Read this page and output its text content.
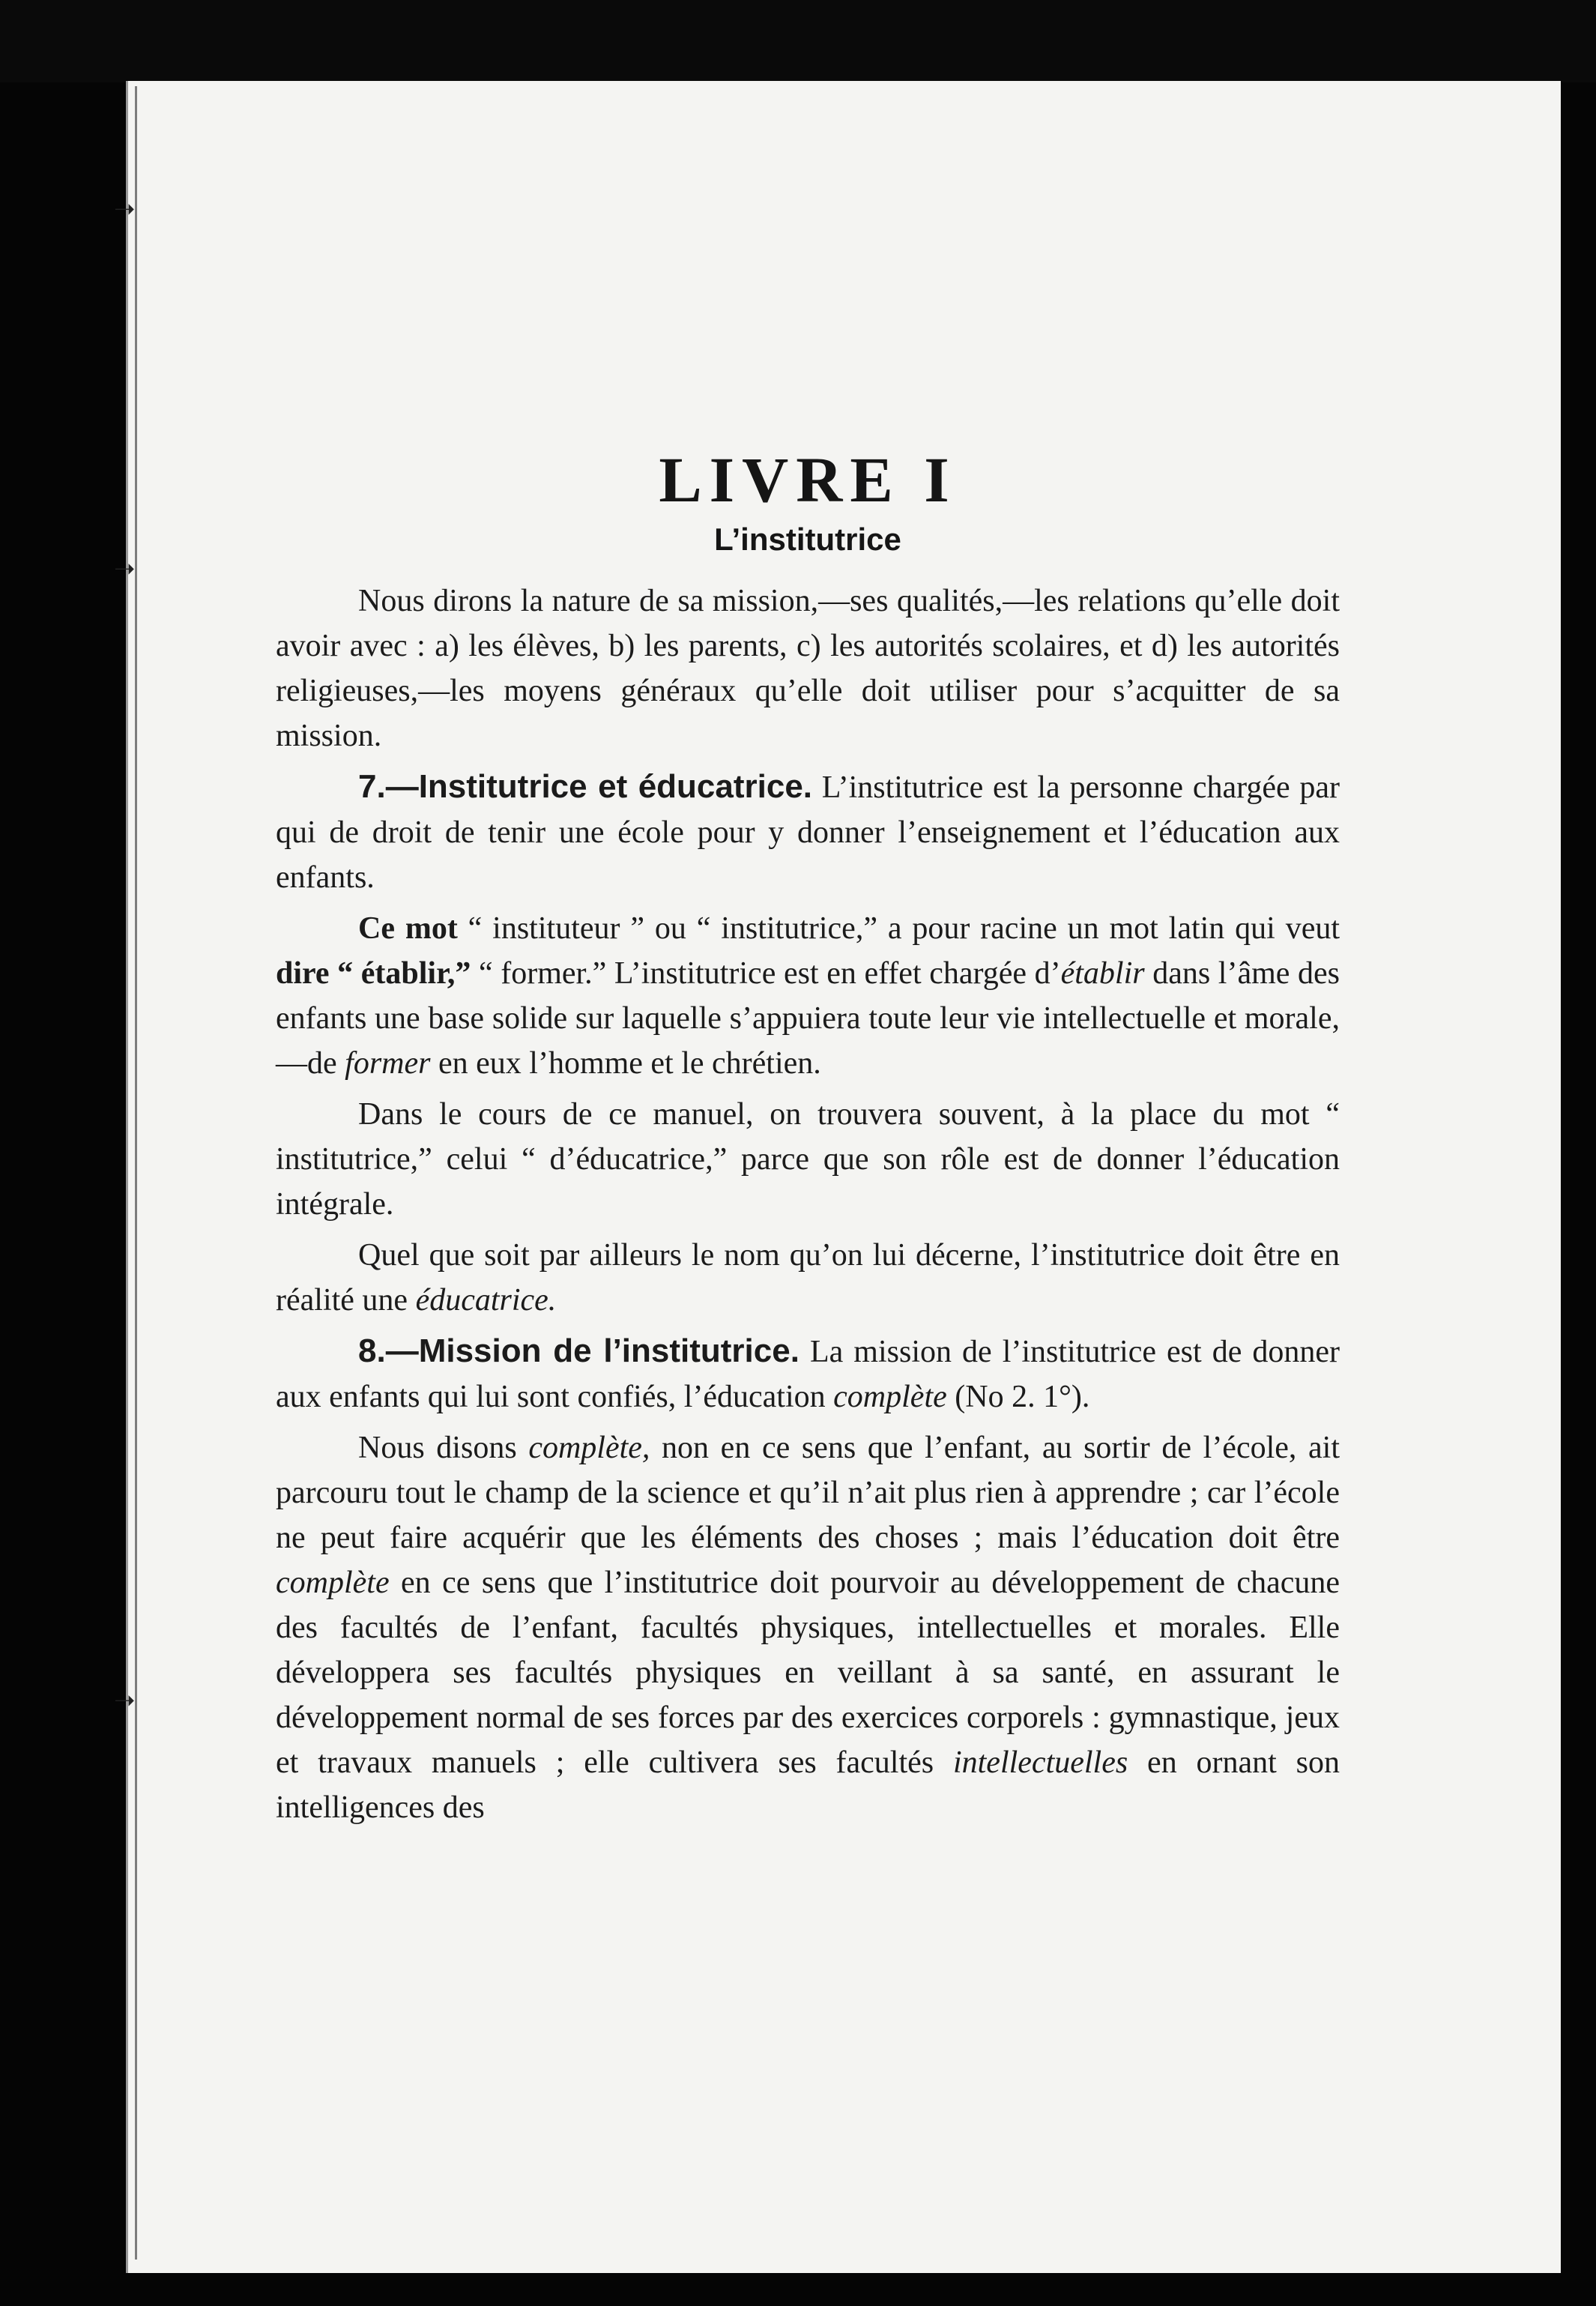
➝
➝
➝
LIVRE I
L’institutrice

Nous dirons la nature de sa mission,—ses qualités,—les relations qu’elle doit avoir avec : a) les élèves, b) les parents, c) les autorités scolaires, et d) les autorités religieuses,—les moyens généraux qu’elle doit utiliser pour s’acquitter de sa mission.

7.—Institutrice et éducatrice. L’institutrice est la personne chargée par qui de droit de tenir une école pour y donner l’enseignement et l’éducation aux enfants.

Ce mot “ instituteur ” ou “ institutrice,” a pour racine un mot latin qui veut dire “ établir,” “ former.” L’institutrice est en effet chargée d’établir dans l’âme des enfants une base solide sur laquelle s’appuiera toute leur vie intellectuelle et morale,—de former en eux l’homme et le chrétien.

Dans le cours de ce manuel, on trouvera souvent, à la place du mot “ institutrice,” celui “ d’éducatrice,” parce que son rôle est de donner l’éducation intégrale.

Quel que soit par ailleurs le nom qu’on lui décerne, l’institutrice doit être en réalité une éducatrice.

8.—Mission de l’institutrice. La mission de l’institutrice est de donner aux enfants qui lui sont confiés, l’éducation complète (No 2. 1°).

Nous disons complète, non en ce sens que l’enfant, au sortir de l’école, ait parcouru tout le champ de la science et qu’il n’ait plus rien à apprendre ; car l’école ne peut faire acquérir que les éléments des choses ; mais l’éducation doit être complète en ce sens que l’institutrice doit pourvoir au développement de chacune des facultés de l’enfant, facultés physiques, intellectuelles et morales. Elle développera ses facultés physiques en veillant à sa santé, en assurant le développement normal de ses forces par des exercices corporels : gymnastique, jeux et travaux manuels ; elle cultivera ses facultés intellectuelles en ornant son intelligences des
